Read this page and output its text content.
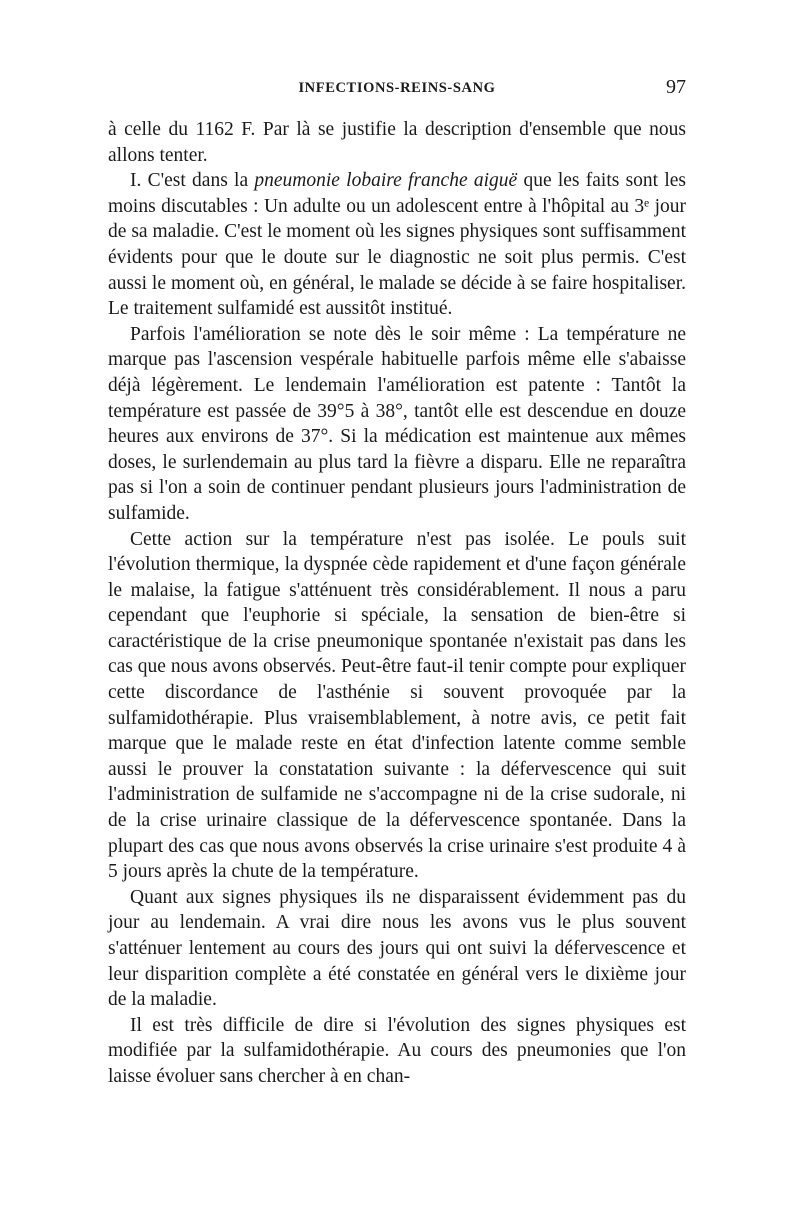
INFECTIONS-REINS-SANG	97

à celle du 1162 F. Par là se justifie la description d'ensemble que nous allons tenter.

I. C'est dans la pneumonie lobaire franche aiguë que les faits sont les moins discutables : Un adulte ou un adolescent entre à l'hôpital au 3ᵉ jour de sa maladie. C'est le moment où les signes physiques sont suffisamment évidents pour que le doute sur le diagnostic ne soit plus permis. C'est aussi le moment où, en général, le malade se décide à se faire hospitaliser. Le traitement sulfamidé est aussitôt institué.

Parfois l'amélioration se note dès le soir même : La température ne marque pas l'ascension vespérale habituelle parfois même elle s'abaisse déjà légèrement. Le lendemain l'amélioration est patente : Tantôt la température est passée de 39°5 à 38°, tantôt elle est descendue en douze heures aux environs de 37°. Si la médication est maintenue aux mêmes doses, le surlendemain au plus tard la fièvre a disparu. Elle ne reparaîtra pas si l'on a soin de continuer pendant plusieurs jours l'administration de sulfamide.

Cette action sur la température n'est pas isolée. Le pouls suit l'évolution thermique, la dyspnée cède rapidement et d'une façon générale le malaise, la fatigue s'atténuent très considérablement. Il nous a paru cependant que l'euphorie si spéciale, la sensation de bien-être si caractéristique de la crise pneumonique spontanée n'existait pas dans les cas que nous avons observés. Peut-être faut-il tenir compte pour expliquer cette discordance de l'asthénie si souvent provoquée par la sulfamidothérapie. Plus vraisemblablement, à notre avis, ce petit fait marque que le malade reste en état d'infection latente comme semble aussi le prouver la constatation suivante : la défervescence qui suit l'administration de sulfamide ne s'accompagne ni de la crise sudorale, ni de la crise urinaire classique de la défervescence spontanée. Dans la plupart des cas que nous avons observés la crise urinaire s'est produite 4 à 5 jours après la chute de la température.

Quant aux signes physiques ils ne disparaissent évidemment pas du jour au lendemain. A vrai dire nous les avons vus le plus souvent s'atténuer lentement au cours des jours qui ont suivi la défervescence et leur disparition complète a été constatée en général vers le dixième jour de la maladie.

Il est très difficile de dire si l'évolution des signes physiques est modifiée par la sulfamidothérapie. Au cours des pneumonies que l'on laisse évoluer sans chercher à en chan-
